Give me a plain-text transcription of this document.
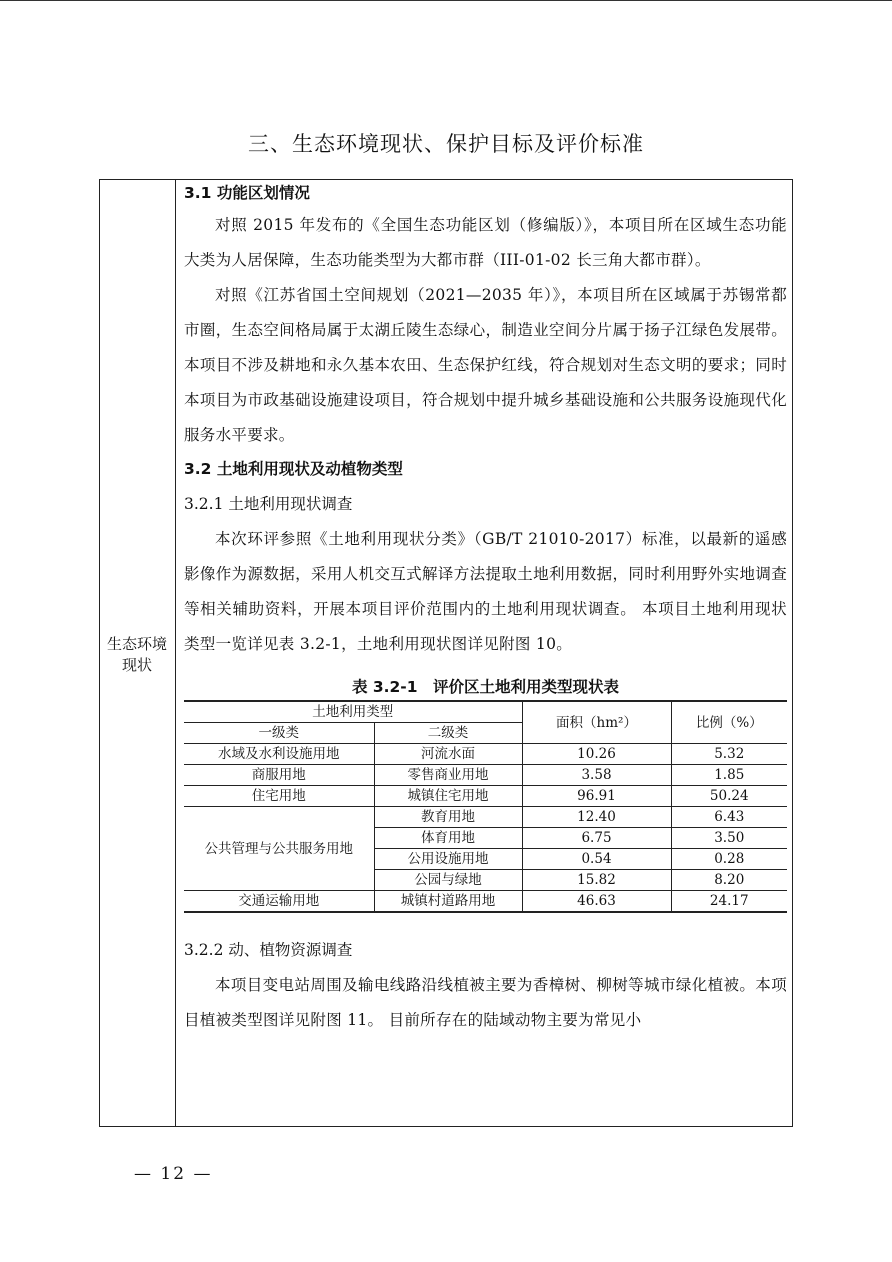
三、生态环境现状、保护目标及评价标准
生态环境现状
3.1 功能区划情况

对照 2015 年发布的《全国生态功能区划（修编版）》，本项目所在区域生态功能大类为人居保障，生态功能类型为大都市群（III-01-02 长三角大都市群）。

对照《江苏省国土空间规划（2021—2035 年）》，本项目所在区域属于苏锡常都市圈，生态空间格局属于太湖丘陵生态绿心，制造业空间分片属于扬子江绿色发展带。本项目不涉及耕地和永久基本农田、生态保护红线，符合规划对生态文明的要求；同时本项目为市政基础设施建设项目，符合规划中提升城乡基础设施和公共服务设施现代化服务水平要求。

3.2 土地利用现状及动植物类型
3.2.1 土地利用现状调查

本次环评参照《土地利用现状分类》（GB/T 21010-2017）标准，以最新的遥感影像作为源数据，采用人机交互式解译方法提取土地利用数据，同时利用野外实地调查等相关辅助资料，开展本项目评价范围内的土地利用现状调查。 本项目土地利用现状类型一览详见表 3.2-1，土地利用现状图详见附图 10。

表 3.2-1　评价区土地利用类型现状表
土地利用类型		面积（hm²）	比例（%）
一级类	二级类		
水域及水利设施用地	河流水面	10.26	5.32
商服用地	零售商业用地	3.58	1.85
住宅用地	城镇住宅用地	96.91	50.24
公共管理与公共服务用地	教育用地	12.40	6.43
	体育用地	6.75	3.50
	公用设施用地	0.54	0.28
	公园与绿地	15.82	8.20
交通运输用地	城镇村道路用地	46.63	24.17
3.2.2 动、植物资源调查

本项目变电站周围及输电线路沿线植被主要为香樟树、柳树等城市绿化植被。本项目植被类型图详见附图 11。 目前所存在的陆域动物主要为常见小

— 12 —
